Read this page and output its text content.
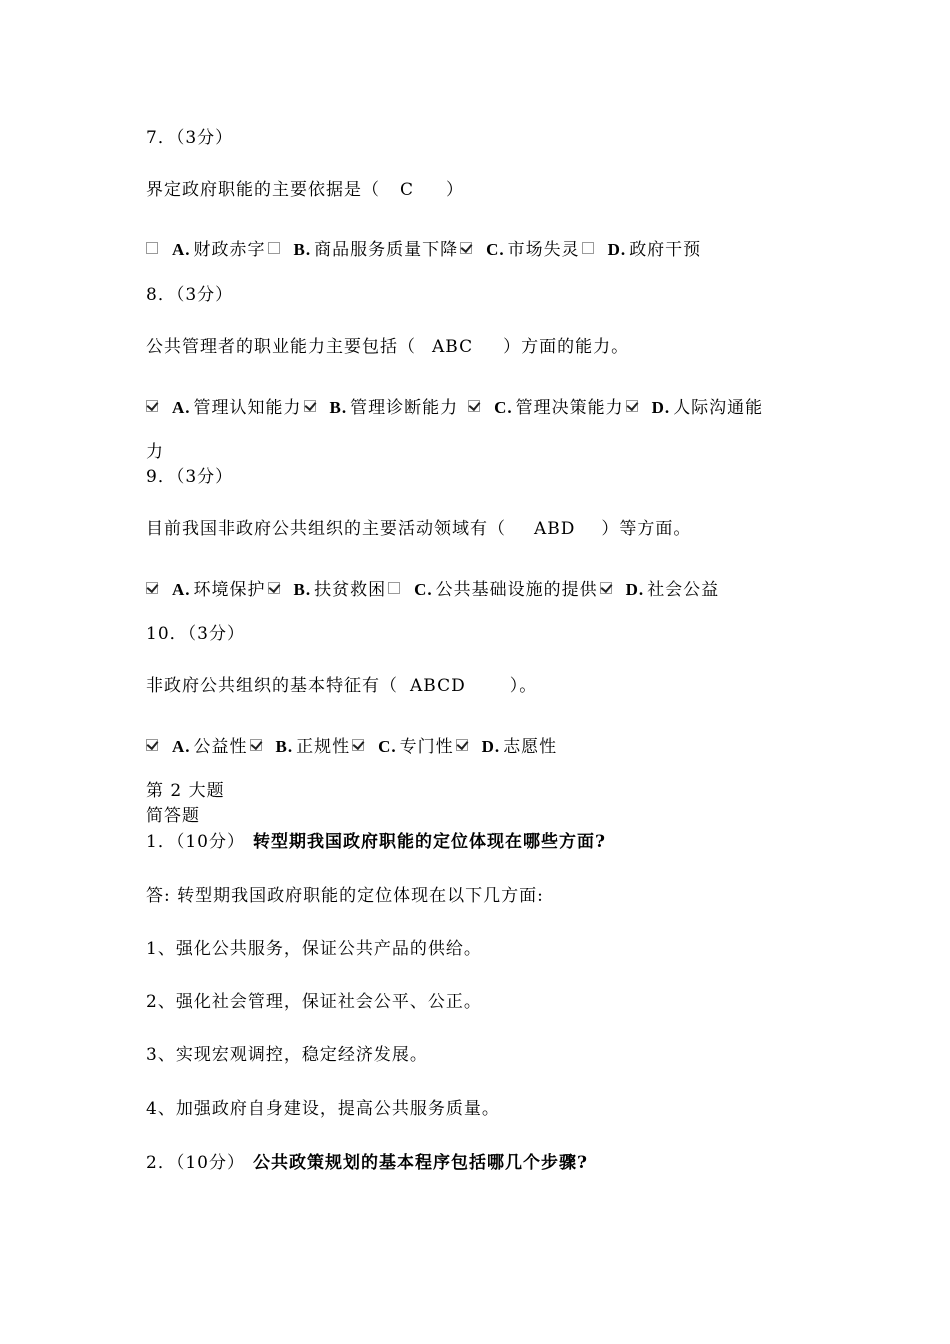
7．（3分）
界定政府职能的主要依据是（ C ）
A. 财政赤字 B. 商品服务质量下降 C. 市场失灵 D. 政府干预
8．（3分）
公共管理者的职业能力主要包括（ ABC ）方面的能力。
A. 管理认知能力 B. 管理诊断能力 C. 管理决策能力 D. 人际沟通能
力
9．（3分）
目前我国非政府公共组织的主要活动领域有（ ABD ）等方面。
A. 环境保护 B. 扶贫救困 C. 公共基础设施的提供 D. 社会公益
10．（3分）
非政府公共组织的基本特征有（ ABCD	）。
A. 公益性 B. 正规性 C. 专门性 D. 志愿性
第 2 大题
简答题
1．（10分） 转型期我国政府职能的定位体现在哪些方面?
答: 转型期我国政府职能的定位体现在以下几方面:
1、强化公共服务，保证公共产品的供给。
2、强化社会管理，保证社会公平、公正。
3、实现宏观调控，稳定经济发展。
4、加强政府自身建设，提高公共服务质量。
2．（10分） 公共政策规划的基本程序包括哪几个步骤?
